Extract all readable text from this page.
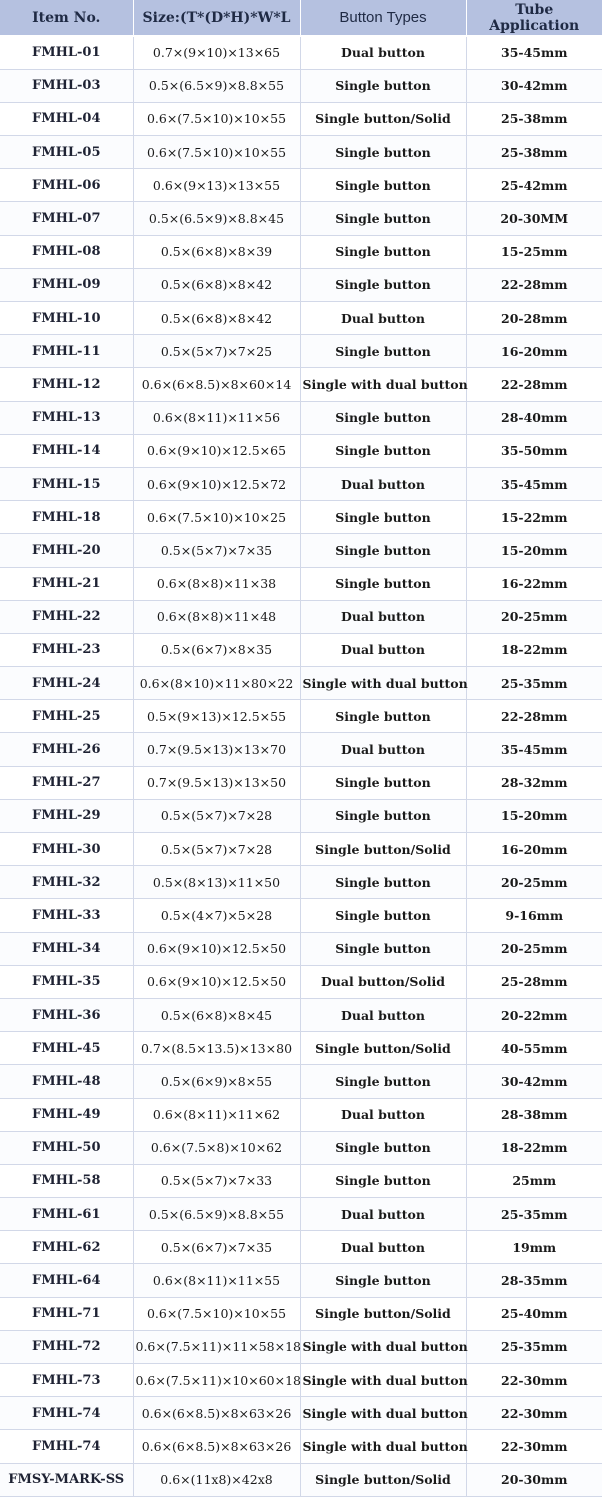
Item No.	Size:(T*(D*H)*W*L	Button Types	Tube Application
FMHL-01	0.7×(9×10)×13×65	Dual button	35-45mm
FMHL-03	0.5×(6.5×9)×8.8×55	Single button	30-42mm
FMHL-04	0.6×(7.5×10)×10×55	Single button/Solid	25-38mm
FMHL-05	0.6×(7.5×10)×10×55	Single button	25-38mm
FMHL-06	0.6×(9×13)×13×55	Single button	25-42mm
FMHL-07	0.5×(6.5×9)×8.8×45	Single button	20-30MM
FMHL-08	0.5×(6×8)×8×39	Single button	15-25mm
FMHL-09	0.5×(6×8)×8×42	Single button	22-28mm
FMHL-10	0.5×(6×8)×8×42	Dual button	20-28mm
FMHL-11	0.5×(5×7)×7×25	Single button	16-20mm
FMHL-12	0.6×(6×8.5)×8×60×14	Single with dual button	22-28mm
FMHL-13	0.6×(8×11)×11×56	Single button	28-40mm
FMHL-14	0.6×(9×10)×12.5×65	Single button	35-50mm
FMHL-15	0.6×(9×10)×12.5×72	Dual button	35-45mm
FMHL-18	0.6×(7.5×10)×10×25	Single button	15-22mm
FMHL-20	0.5×(5×7)×7×35	Single button	15-20mm
FMHL-21	0.6×(8×8)×11×38	Single button	16-22mm
FMHL-22	0.6×(8×8)×11×48	Dual button	20-25mm
FMHL-23	0.5×(6×7)×8×35	Dual button	18-22mm
FMHL-24	0.6×(8×10)×11×80×22	Single with dual button	25-35mm
FMHL-25	0.5×(9×13)×12.5×55	Single button	22-28mm
FMHL-26	0.7×(9.5×13)×13×70	Dual button	35-45mm
FMHL-27	0.7×(9.5×13)×13×50	Single button	28-32mm
FMHL-29	0.5×(5×7)×7×28	Single button	15-20mm
FMHL-30	0.5×(5×7)×7×28	Single button/Solid	16-20mm
FMHL-32	0.5×(8×13)×11×50	Single button	20-25mm
FMHL-33	0.5×(4×7)×5×28	Single button	9-16mm
FMHL-34	0.6×(9×10)×12.5×50	Single button	20-25mm
FMHL-35	0.6×(9×10)×12.5×50	Dual button/Solid	25-28mm
FMHL-36	0.5×(6×8)×8×45	Dual button	20-22mm
FMHL-45	0.7×(8.5×13.5)×13×80	Single button/Solid	40-55mm
FMHL-48	0.5×(6×9)×8×55	Single button	30-42mm
FMHL-49	0.6×(8×11)×11×62	Dual button	28-38mm
FMHL-50	0.6×(7.5×8)×10×62	Single button	18-22mm
FMHL-58	0.5×(5×7)×7×33	Single button	25mm
FMHL-61	0.5×(6.5×9)×8.8×55	Dual button	25-35mm
FMHL-62	0.5×(6×7)×7×35	Dual button	19mm
FMHL-64	0.6×(8×11)×11×55	Single button	28-35mm
FMHL-71	0.6×(7.5×10)×10×55	Single button/Solid	25-40mm
FMHL-72	0.6×(7.5×11)×11×58×18	Single with dual button	25-35mm
FMHL-73	0.6×(7.5×11)×10×60×18	Single with dual button	22-30mm
FMHL-74	0.6×(6×8.5)×8×63×26	Single with dual button	22-30mm
FMHL-74	0.6×(6×8.5)×8×63×26	Single with dual button	22-30mm
FMSY-MARK-SS	0.6×(11x8)×42x8	Single button/Solid	20-30mm
